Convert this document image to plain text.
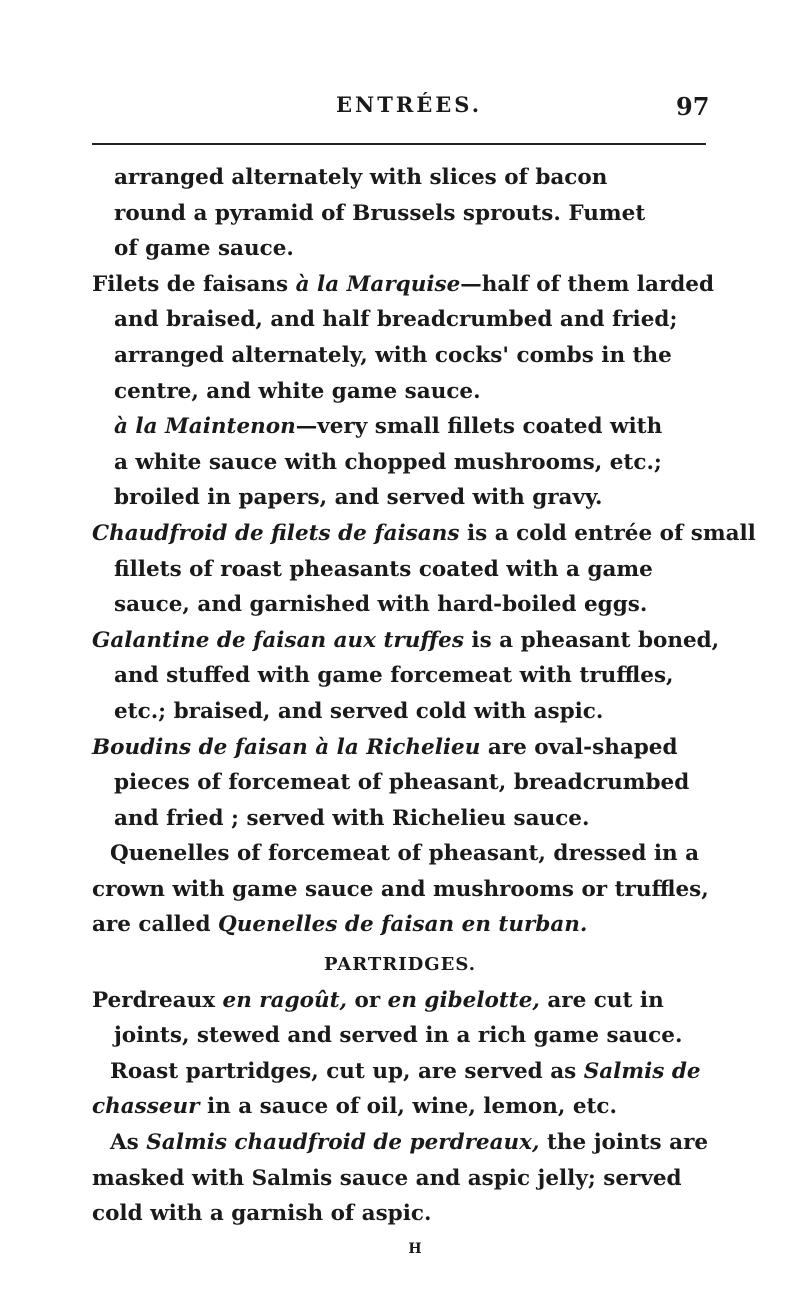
ENTRÉES.	97
arranged alternately with slices of bacon
round a pyramid of Brussels sprouts. Fumet
of game sauce.
Filets de faisans à la Marquise—half of them larded
and braised, and half breadcrumbed and fried;
arranged alternately, with cocks' combs in the
centre, and white game sauce.
à la Maintenon—very small fillets coated with
a white sauce with chopped mushrooms, etc.;
broiled in papers, and served with gravy.
Chaudfroid de filets de faisans is a cold entrée of small
fillets of roast pheasants coated with a game
sauce, and garnished with hard-boiled eggs.
Galantine de faisan aux truffes is a pheasant boned,
and stuffed with game forcemeat with truffles,
etc.; braised, and served cold with aspic.
Boudins de faisan à la Richelieu are oval-shaped
pieces of forcemeat of pheasant, breadcrumbed
and fried ; served with Richelieu sauce.
Quenelles of forcemeat of pheasant, dressed in a
crown with game sauce and mushrooms or truffles,
are called Quenelles de faisan en turban.
PARTRIDGES.
Perdreaux en ragoût, or en gibelotte, are cut in
joints, stewed and served in a rich game sauce.
Roast partridges, cut up, are served as Salmis de
chasseur in a sauce of oil, wine, lemon, etc.
As Salmis chaudfroid de perdreaux, the joints are
masked with Salmis sauce and aspic jelly; served
cold with a garnish of aspic.
H
